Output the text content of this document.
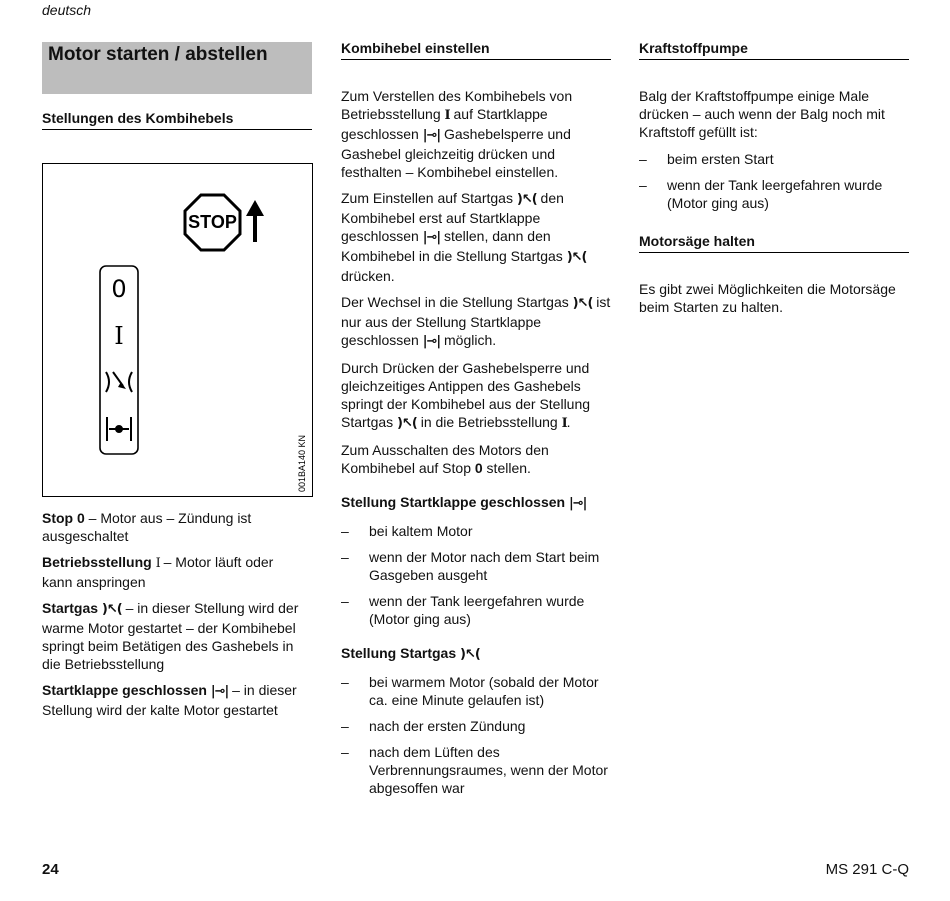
deutsch
Motor starten / abstellen
Stellungen des Kombihebels
STOP
0
I
001BA140 KN

Stop 0 – Motor aus – Zündung ist ausgeschaltet

Betriebsstellung I – Motor läuft oder kann anspringen

Startgas )↖( – in dieser Stellung wird der warme Motor gestartet – der Kombihebel springt beim Betätigen des Gashebels in die Betriebsstellung

Startklappe geschlossen |⊸| – in dieser Stellung wird der kalte Motor gestartet

Kombihebel einstellen

Zum Verstellen des Kombihebels von Betriebsstellung I auf Startklappe geschlossen |⊸| Gashebelsperre und Gashebel gleichzeitig drücken und festhalten – Kombihebel einstellen.

Zum Einstellen auf Startgas )↖( den Kombihebel erst auf Startklappe geschlossen |⊸| stellen, dann den Kombihebel in die Stellung Startgas )↖( drücken.

Der Wechsel in die Stellung Startgas )↖( ist nur aus der Stellung Startklappe geschlossen |⊸| möglich.

Durch Drücken der Gashebelsperre und gleichzeitiges Antippen des Gashebels springt der Kombihebel aus der Stellung Startgas )↖( in die Betriebsstellung I.

Zum Ausschalten des Motors den Kombihebel auf Stop 0 stellen.

Stellung Startklappe geschlossen |⊸|
–	bei kaltem Motor
–	wenn der Motor nach dem Start beim Gasgeben ausgeht
–	wenn der Tank leergefahren wurde (Motor ging aus)
Stellung Startgas )↖(
–	bei warmem Motor (sobald der Motor ca. eine Minute gelaufen ist)
–	nach der ersten Zündung
–	nach dem Lüften des Verbrennungsraumes, wenn der Motor abgesoffen war
Kraftstoffpumpe

Balg der Kraftstoffpumpe einige Male drücken – auch wenn der Balg noch mit Kraftstoff gefüllt ist:

–	beim ersten Start
–	wenn der Tank leergefahren wurde (Motor ging aus)
Motorsäge halten

Es gibt zwei Möglichkeiten die Motorsäge beim Starten zu halten.

24	MS 291 C-Q
